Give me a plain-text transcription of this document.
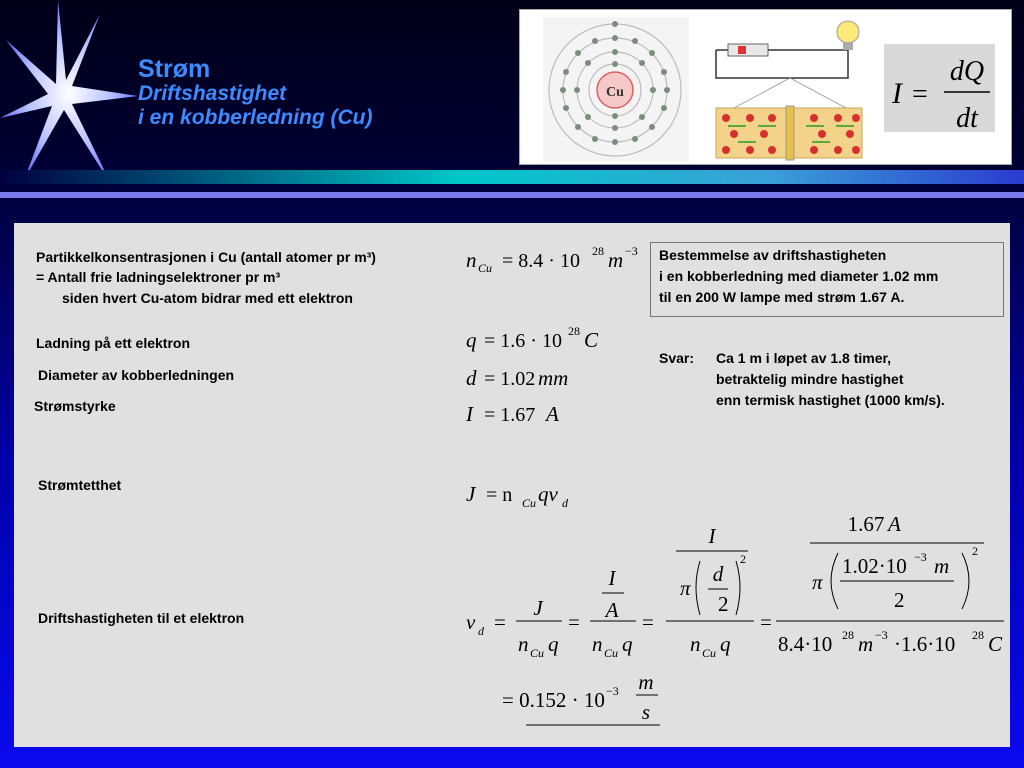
Strøm
Driftshastighet
i en kobberledning (Cu)
Cu	I =
dQ
dt
Partikkelkonsentrasjonen i Cu (antall atomer pr m³)
= Antall frie ladningselektroner pr m³
siden hvert Cu-atom bidrar med ett elektron
Ladning på ett elektron
Diameter av kobberledningen
Strømstyrke
Strømtetthet
Driftshastigheten til et elektron
n Cu = 8.4 · 10 28 m −3
q = 1.6 · 10 28 C
d = 1.02 mm
I = 1.67 A
J = n Cu qv d
v d =
J
n Cu q
=
I
A
n Cu q
=
I
π
d
2
2
n Cu q
=
1.67 A
π
1.02·10 −3 m
2
2
8.4·10 28 m −3 ·1.6·10 28 C
= 0.152 · 10 −3 m
s
Bestemmelse av driftshastigheten
i en kobberledning med diameter 1.02 mm
til en 200 W lampe med strøm 1.67 A.
Svar: Ca 1 m i løpet av 1.8 timer,
betraktelig mindre hastighet
enn termisk hastighet (1000 km/s).
